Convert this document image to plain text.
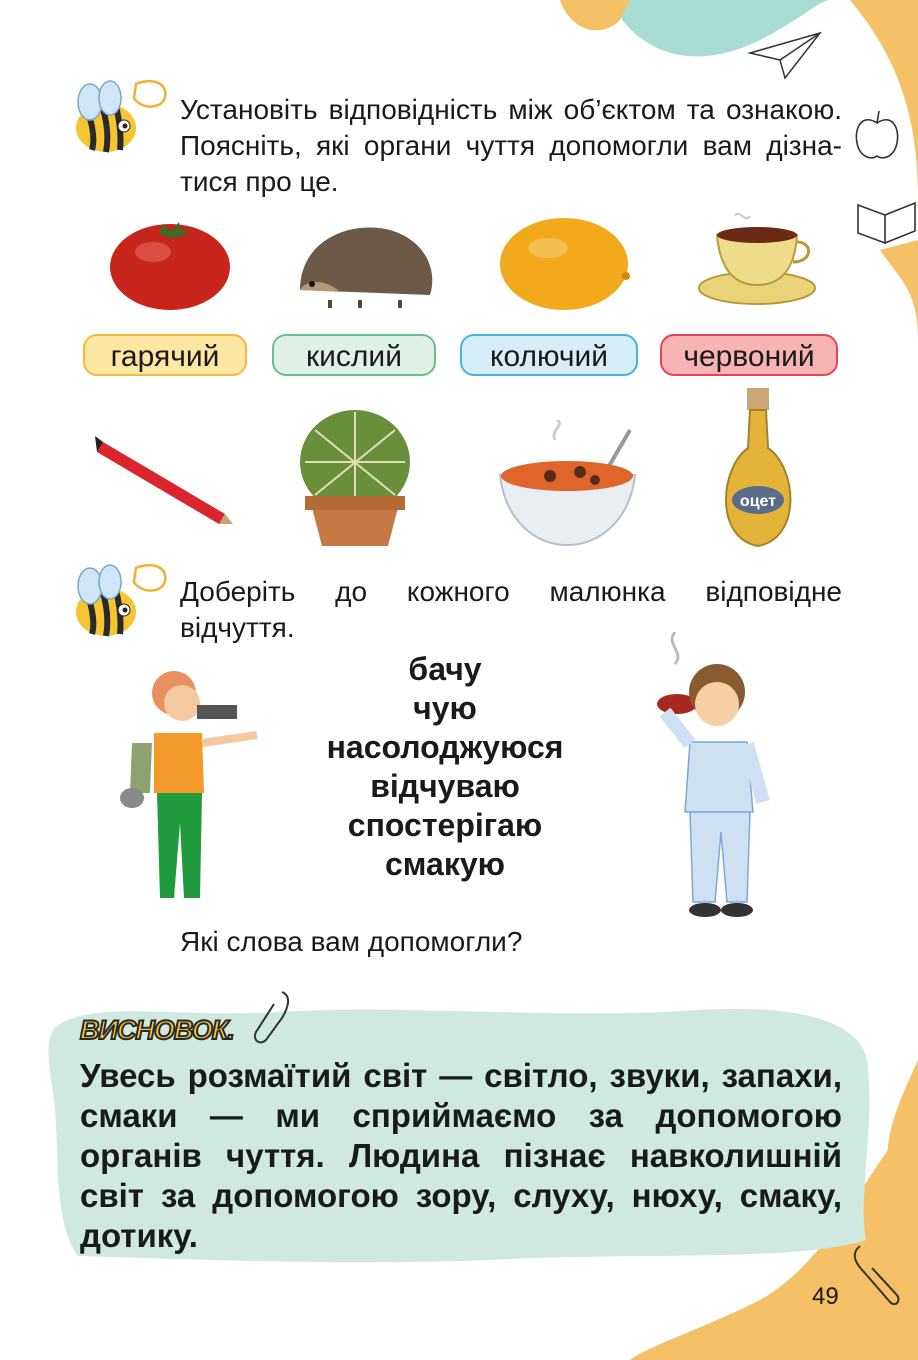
Установіть відповідність між об’єктом та ознакою.
Поясніть, які органи чуття допомогли вам дізна-
тися про це.
гарячий	кислий	колючий	червоний
оцет
Доберіть до кожного малюнка відповідне
відчуття.
бачу
чую
насолоджуюся
відчуваю
спостерігаю
смакую
Які слова вам допомогли?
ВИСНОВОК.
Увесь розмаїтий світ — світло, звуки, запахи,
смаки — ми сприймаємо за допомогою
органів чуття. Людина пізнає навколишній
світ за допомогою зору, слуху, нюху, смаку,
дотику.
49
